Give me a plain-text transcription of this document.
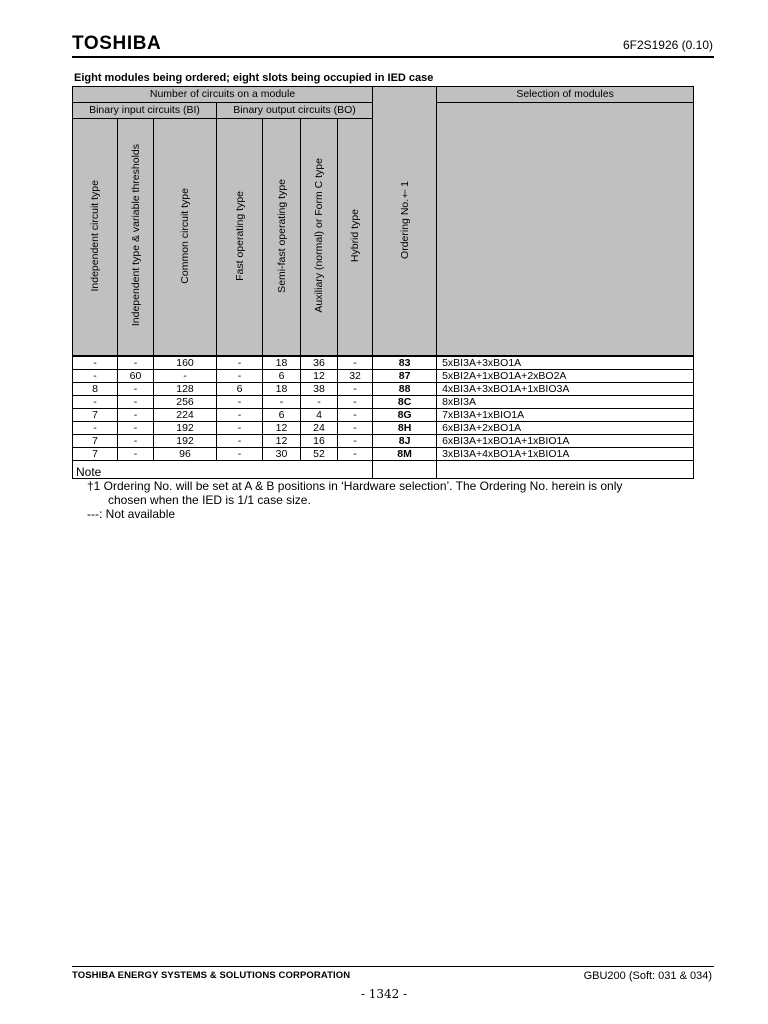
TOSHIBA	6F2S1926 (0.10)
Eight modules being ordered; eight slots being occupied in IED case
Number of circuits on a module							Ordering No.†1	Selection of modules
Binary input circuits (BI)			Binary output circuits (BO)					
Independent circuit type	Independent type & variable thresholds	Common circuit type	Fast operating type	Semi-fast operating type	Auxiliary (normal) or Form C type	Hybrid type		
-	-	160	-	18	36	-	83	5xBI3A+3xBO1A
-	60	-	-	6	12	32	87	5xBI2A+1xBO1A+2xBO2A
8	-	128	6	18	38	-	88	4xBI3A+3xBO1A+1xBIO3A
-	-	256	-	-	-	-	8C	8xBI3A
7	-	224	-	6	4	-	8G	7xBI3A+1xBIO1A
-	-	192	-	12	24	-	8H	6xBI3A+2xBO1A
7	-	192	-	12	16	-	8J	6xBI3A+1xBO1A+1xBIO1A
7	-	96	-	30	52	-	8M	3xBI3A+4xBO1A+1xBIO1A

Note
†1 Ordering No. will be set at A & B positions in ‘Hardware selection’. The Ordering No. herein is only
chosen when the IED is 1/1 case size.
---: Not available
TOSHIBA ENERGY SYSTEMS & SOLUTIONS CORPORATION	GBU200 (Soft: 031 & 034)
- 1342 -
